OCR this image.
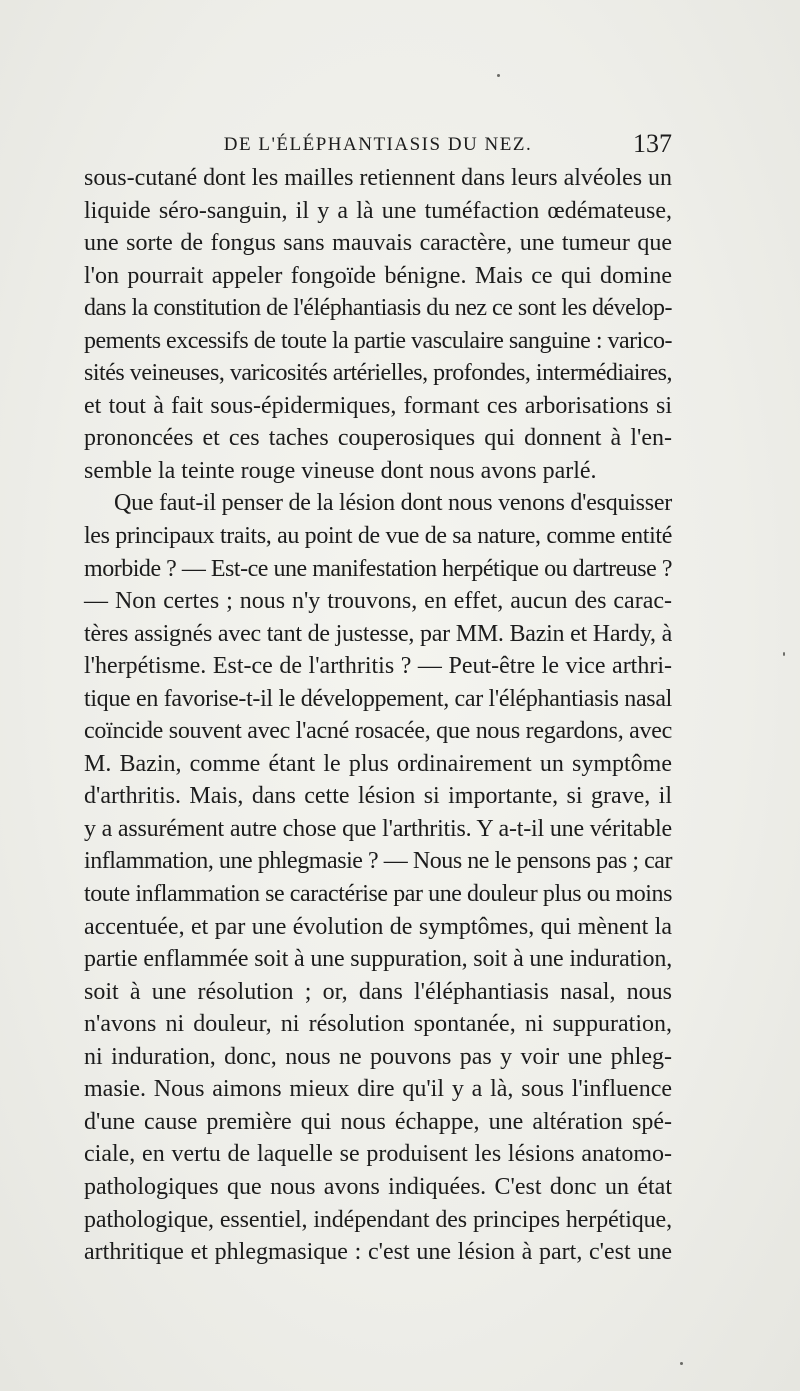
DE L'ÉLÉPHANTIASIS DU NEZ.	137
sous-cutané dont les mailles retiennent dans leurs alvéoles un
liquide séro-sanguin, il y a là une tuméfaction œdémateuse,
une sorte de fongus sans mauvais caractère, une tumeur que
l'on pourrait appeler fongoïde bénigne. Mais ce qui domine
dans la constitution de l'éléphantiasis du nez ce sont les dévelop-
pements excessifs de toute la partie vasculaire sanguine : varico-
sités veineuses, varicosités artérielles, profondes, intermédiaires,
et tout à fait sous-épidermiques, formant ces arborisations si
prononcées et ces taches couperosiques qui donnent à l'en-
semble la teinte rouge vineuse dont nous avons parlé.
Que faut-il penser de la lésion dont nous venons d'esquisser
les principaux traits, au point de vue de sa nature, comme entité
morbide ? — Est-ce une manifestation herpétique ou dartreuse ?
— Non certes ; nous n'y trouvons, en effet, aucun des carac-
tères assignés avec tant de justesse, par MM. Bazin et Hardy, à
l'herpétisme. Est-ce de l'arthritis ? — Peut-être le vice arthri-
tique en favorise-t-il le développement, car l'éléphantiasis nasal
coïncide souvent avec l'acné rosacée, que nous regardons, avec
M. Bazin, comme étant le plus ordinairement un symptôme
d'arthritis. Mais, dans cette lésion si importante, si grave, il
y a assurément autre chose que l'arthritis. Y a-t-il une véritable
inflammation, une phlegmasie ? — Nous ne le pensons pas ; car
toute inflammation se caractérise par une douleur plus ou moins
accentuée, et par une évolution de symptômes, qui mènent la
partie enflammée soit à une suppuration, soit à une induration,
soit à une résolution ; or, dans l'éléphantiasis nasal, nous
n'avons ni douleur, ni résolution spontanée, ni suppuration,
ni induration, donc, nous ne pouvons pas y voir une phleg-
masie. Nous aimons mieux dire qu'il y a là, sous l'influence
d'une cause première qui nous échappe, une altération spé-
ciale, en vertu de laquelle se produisent les lésions anatomo-
pathologiques que nous avons indiquées. C'est donc un état
pathologique, essentiel, indépendant des principes herpétique,
arthritique et phlegmasique : c'est une lésion à part, c'est une
